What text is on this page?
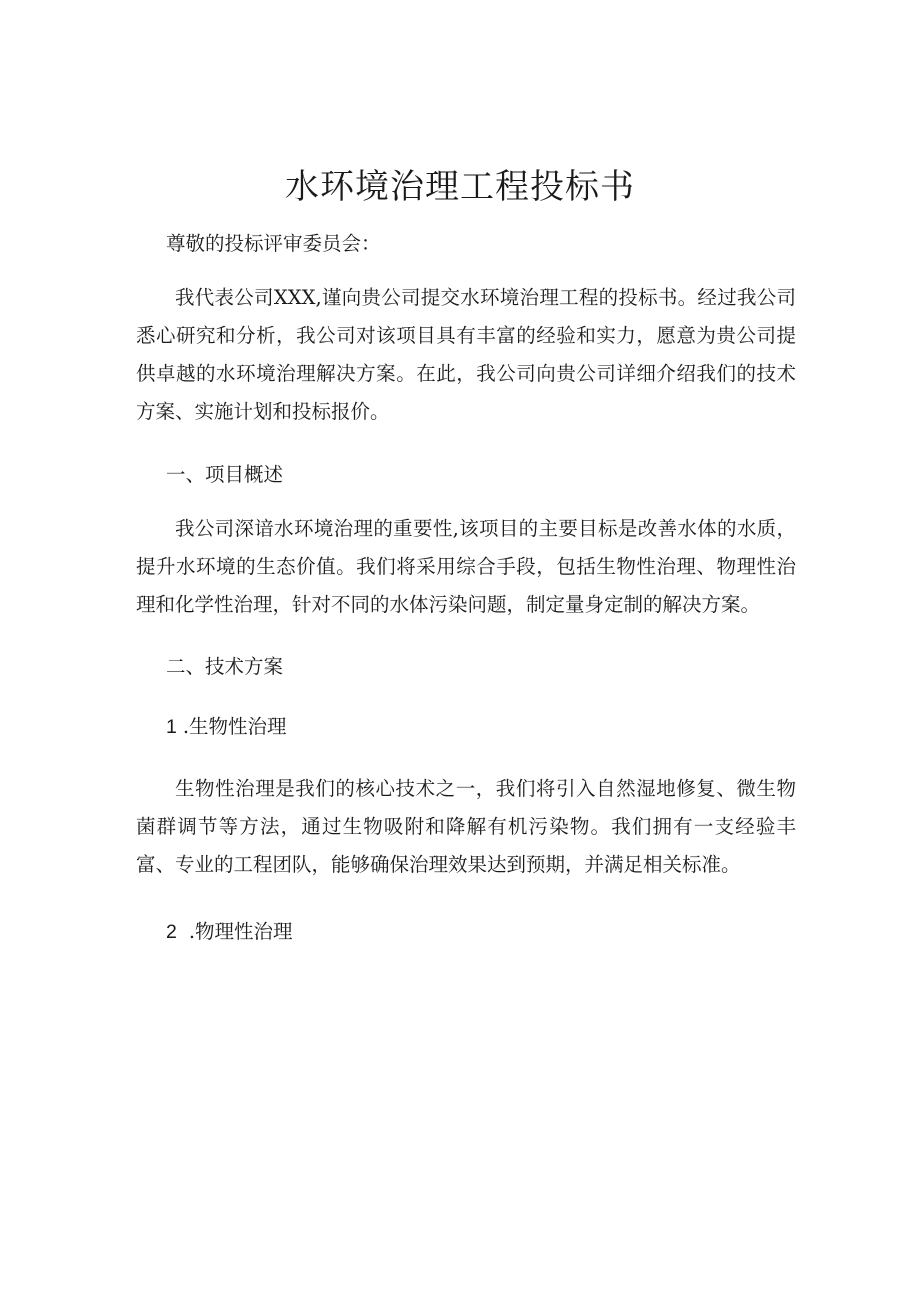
水环境治理工程投标书

尊敬的投标评审委员会：

我代表公司XXX,谨向贵公司提交水环境治理工程的投标书。经过我公司悉心研究和分析，我公司对该项目具有丰富的经验和实力，愿意为贵公司提供卓越的水环境治理解决方案。在此，我公司向贵公司详细介绍我们的技术方案、实施计划和投标报价。

一、项目概述

我公司深谙水环境治理的重要性,该项目的主要目标是改善水体的水质，提升水环境的生态价值。我们将采用综合手段，包括生物性治理、物理性治理和化学性治理，针对不同的水体污染问题，制定量身定制的解决方案。

二、技术方案

1 .生物性治理

生物性治理是我们的核心技术之一，我们将引入自然湿地修复、微生物菌群调节等方法，通过生物吸附和降解有机污染物。我们拥有一支经验丰富、专业的工程团队，能够确保治理效果达到预期，并满足相关标准。

2 .物理性治理
